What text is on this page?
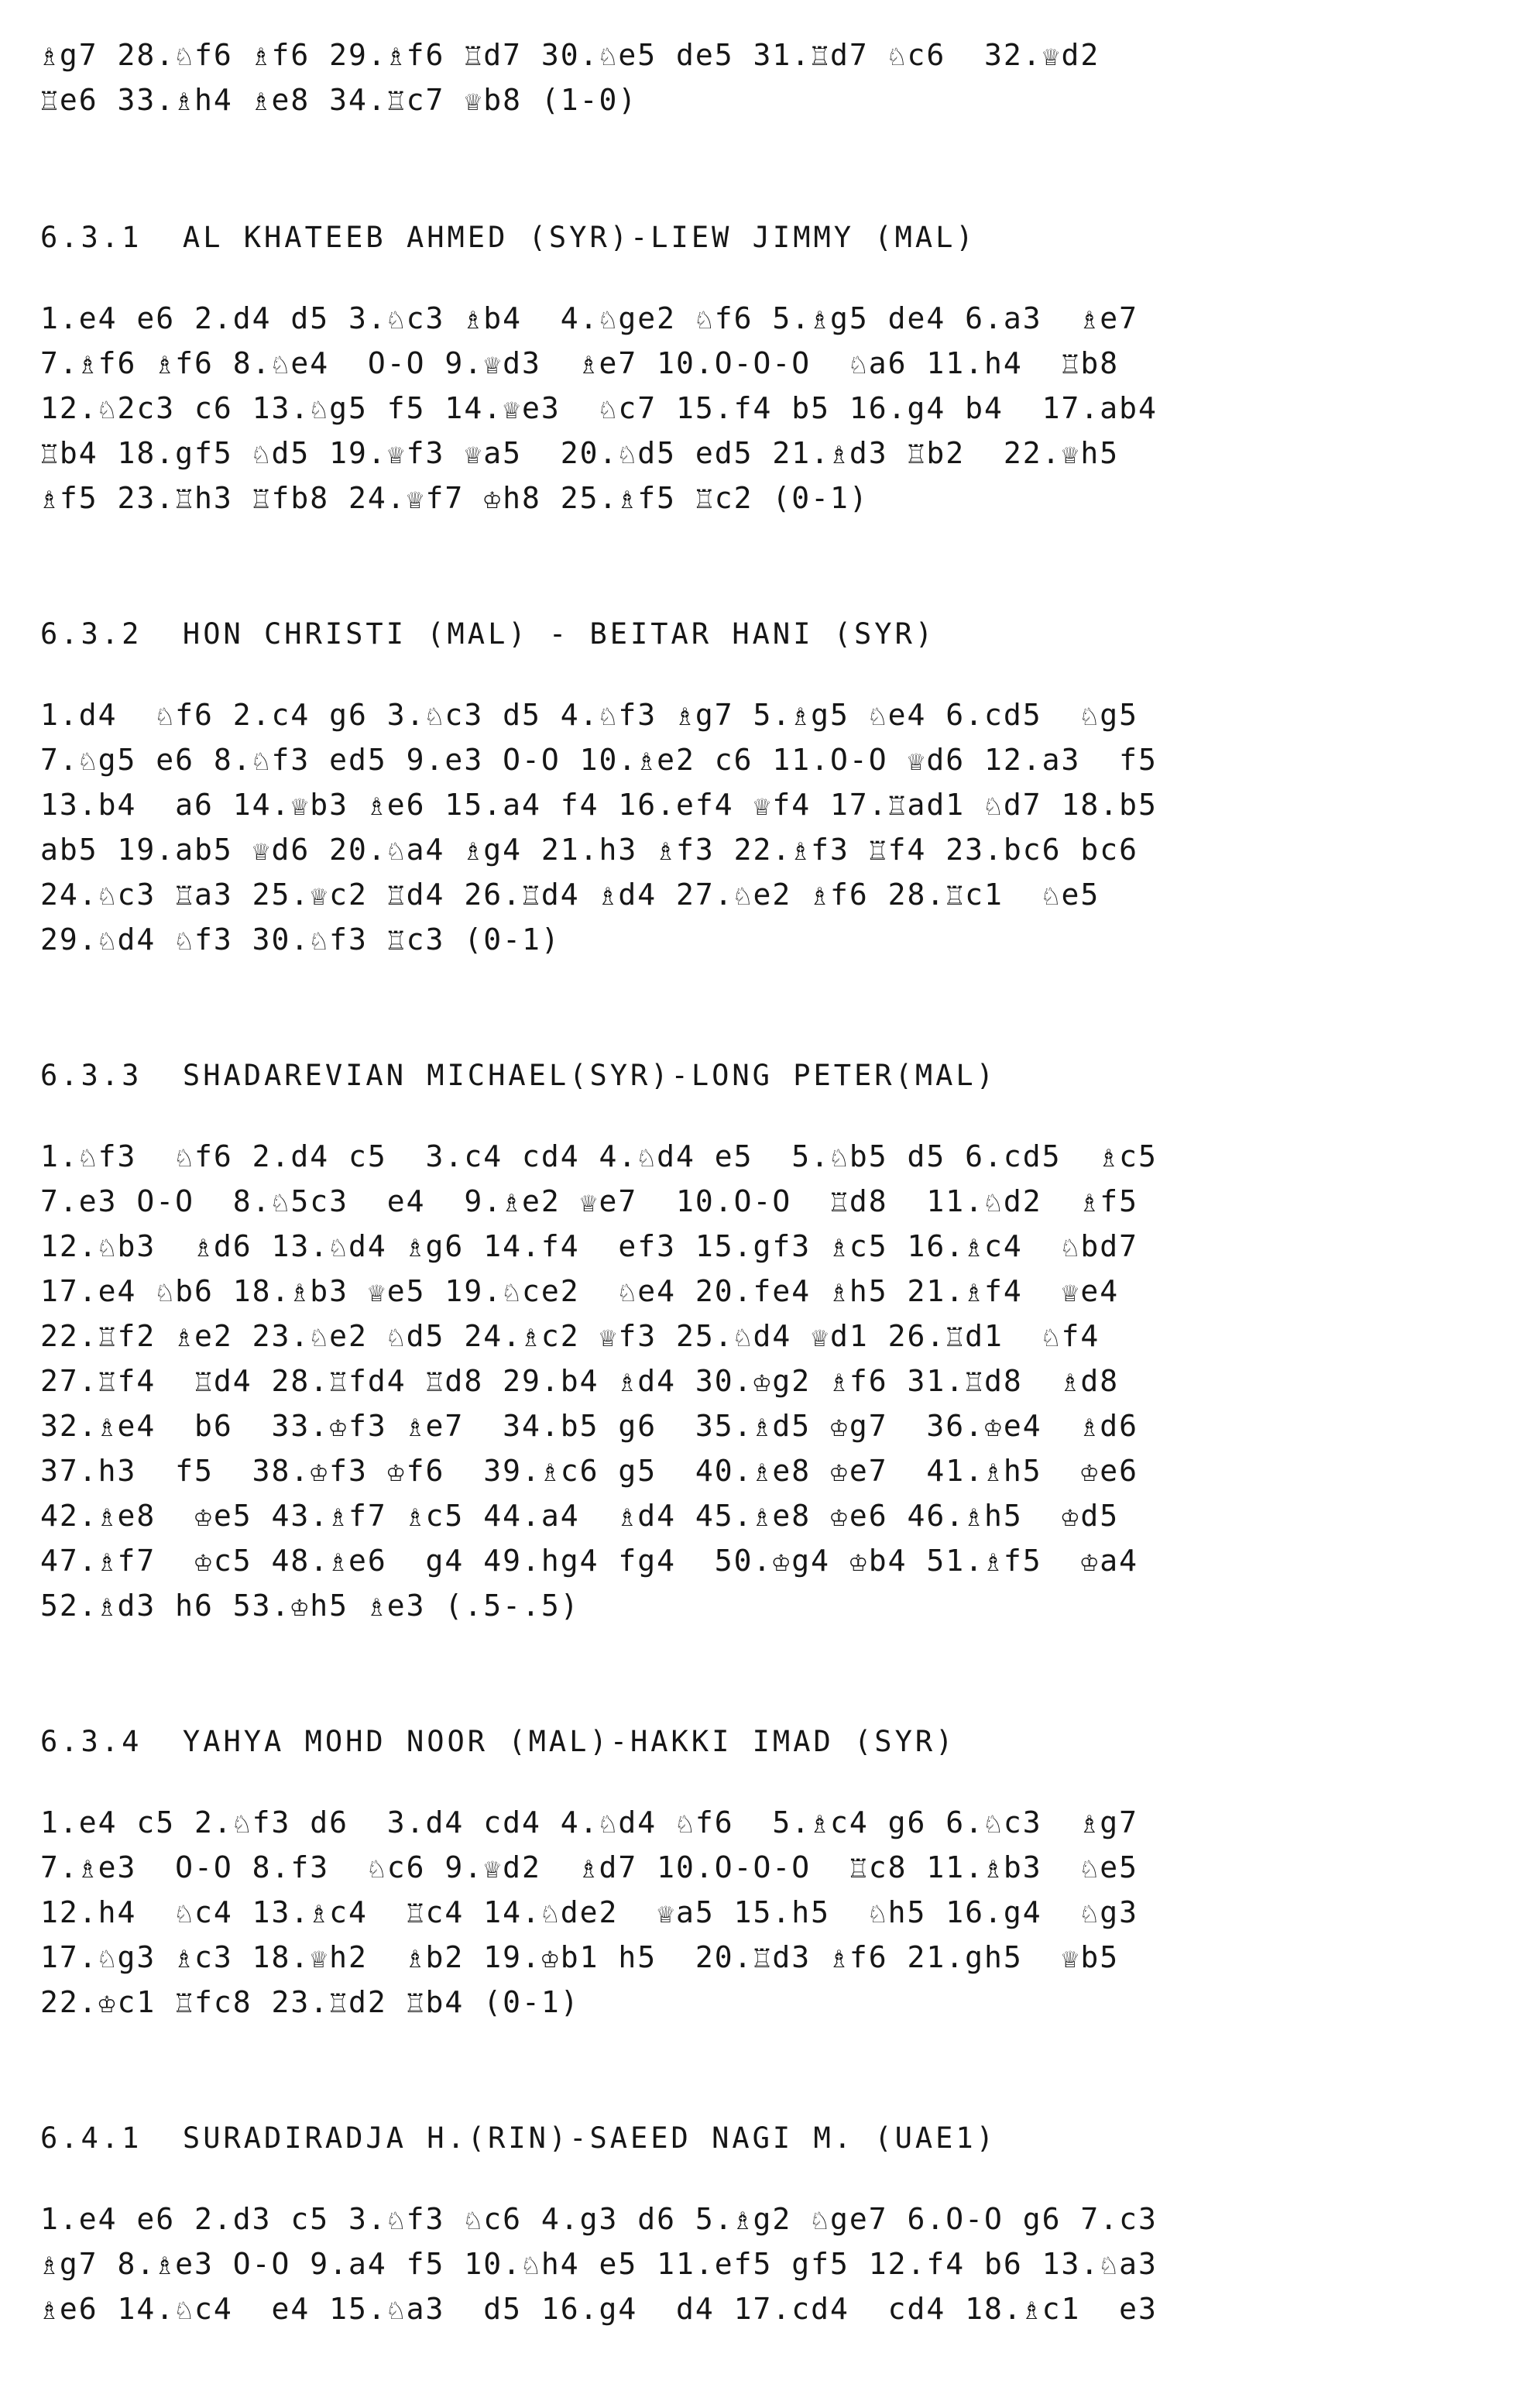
♗g7 28.♘f6 ♗f6 29.♗f6 ♖d7 30.♘e5 de5 31.♖d7 ♘c6  32.♕d2
♖e6 33.♗h4 ♗e8 34.♖c7 ♕b8 (1-0)
6.3.1  AL KHATEEB AHMED (SYR)-LIEW JIMMY (MAL)
1.e4 e6 2.d4 d5 3.♘c3 ♗b4  4.♘ge2 ♘f6 5.♗g5 de4 6.a3  ♗e7
7.♗f6 ♗f6 8.♘e4  O-O 9.♕d3  ♗e7 10.O-O-O  ♘a6 11.h4  ♖b8
12.♘2c3 c6 13.♘g5 f5 14.♕e3  ♘c7 15.f4 b5 16.g4 b4  17.ab4
♖b4 18.gf5 ♘d5 19.♕f3 ♕a5  20.♘d5 ed5 21.♗d3 ♖b2  22.♕h5
♗f5 23.♖h3 ♖fb8 24.♕f7 ♔h8 25.♗f5 ♖c2 (0-1)
6.3.2  HON CHRISTI (MAL) - BEITAR HANI (SYR)
1.d4  ♘f6 2.c4 g6 3.♘c3 d5 4.♘f3 ♗g7 5.♗g5 ♘e4 6.cd5  ♘g5
7.♘g5 e6 8.♘f3 ed5 9.e3 O-O 10.♗e2 c6 11.O-O ♕d6 12.a3  f5
13.b4  a6 14.♕b3 ♗e6 15.a4 f4 16.ef4 ♕f4 17.♖ad1 ♘d7 18.b5
ab5 19.ab5 ♕d6 20.♘a4 ♗g4 21.h3 ♗f3 22.♗f3 ♖f4 23.bc6 bc6
24.♘c3 ♖a3 25.♕c2 ♖d4 26.♖d4 ♗d4 27.♘e2 ♗f6 28.♖c1  ♘e5
29.♘d4 ♘f3 30.♘f3 ♖c3 (0-1)
6.3.3  SHADAREVIAN MICHAEL(SYR)-LONG PETER(MAL)
1.♘f3  ♘f6 2.d4 c5  3.c4 cd4 4.♘d4 e5  5.♘b5 d5 6.cd5  ♗c5
7.e3 O-O  8.♘5c3  e4  9.♗e2 ♕e7  10.O-O  ♖d8  11.♘d2  ♗f5
12.♘b3  ♗d6 13.♘d4 ♗g6 14.f4  ef3 15.gf3 ♗c5 16.♗c4  ♘bd7
17.e4 ♘b6 18.♗b3 ♕e5 19.♘ce2  ♘e4 20.fe4 ♗h5 21.♗f4  ♕e4
22.♖f2 ♗e2 23.♘e2 ♘d5 24.♗c2 ♕f3 25.♘d4 ♕d1 26.♖d1  ♘f4
27.♖f4  ♖d4 28.♖fd4 ♖d8 29.b4 ♗d4 30.♔g2 ♗f6 31.♖d8  ♗d8
32.♗e4  b6  33.♔f3 ♗e7  34.b5 g6  35.♗d5 ♔g7  36.♔e4  ♗d6
37.h3  f5  38.♔f3 ♔f6  39.♗c6 g5  40.♗e8 ♔e7  41.♗h5  ♔e6
42.♗e8  ♔e5 43.♗f7 ♗c5 44.a4  ♗d4 45.♗e8 ♔e6 46.♗h5  ♔d5
47.♗f7  ♔c5 48.♗e6  g4 49.hg4 fg4  50.♔g4 ♔b4 51.♗f5  ♔a4
52.♗d3 h6 53.♔h5 ♗e3 (.5-.5)
6.3.4  YAHYA MOHD NOOR (MAL)-HAKKI IMAD (SYR)
1.e4 c5 2.♘f3 d6  3.d4 cd4 4.♘d4 ♘f6  5.♗c4 g6 6.♘c3  ♗g7
7.♗e3  O-O 8.f3  ♘c6 9.♕d2  ♗d7 10.O-O-O  ♖c8 11.♗b3  ♘e5
12.h4  ♘c4 13.♗c4  ♖c4 14.♘de2  ♕a5 15.h5  ♘h5 16.g4  ♘g3
17.♘g3 ♗c3 18.♕h2  ♗b2 19.♔b1 h5  20.♖d3 ♗f6 21.gh5  ♕b5
22.♔c1 ♖fc8 23.♖d2 ♖b4 (0-1)
6.4.1  SURADIRADJA H.(RIN)-SAEED NAGI M. (UAE1)
1.e4 e6 2.d3 c5 3.♘f3 ♘c6 4.g3 d6 5.♗g2 ♘ge7 6.O-O g6 7.c3
♗g7 8.♗e3 O-O 9.a4 f5 10.♘h4 e5 11.ef5 gf5 12.f4 b6 13.♘a3
♗e6 14.♘c4  e4 15.♘a3  d5 16.g4  d4 17.cd4  cd4 18.♗c1  e3
